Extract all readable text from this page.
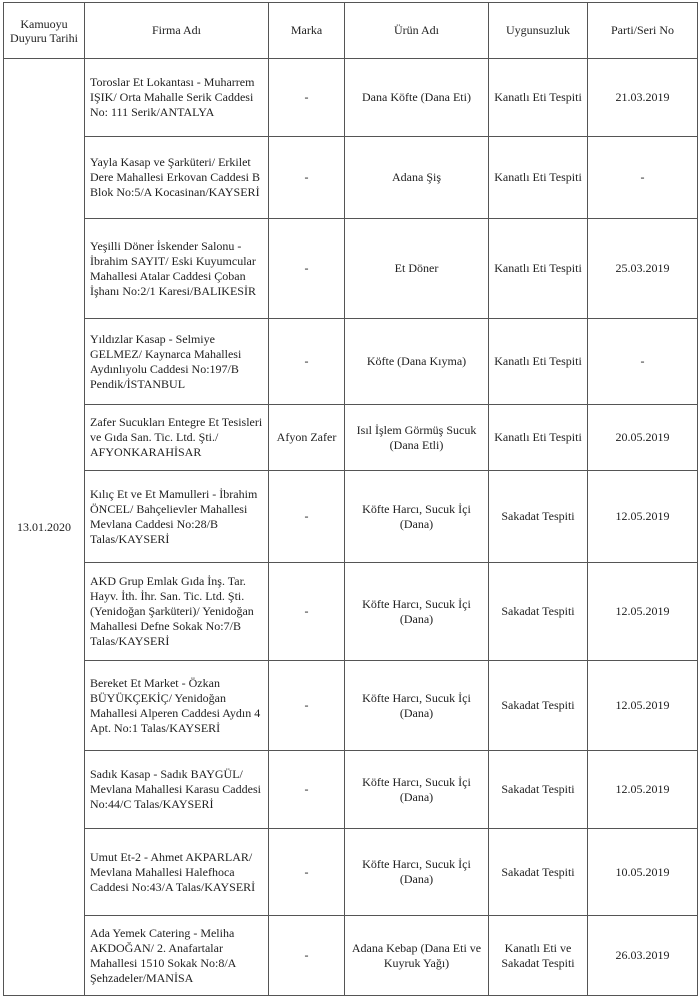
Kamuoyu Duyuru Tarihi	Firma Adı	Marka	Ürün Adı	Uygunsuzluk	Parti/Seri No
13.01.2020	Toroslar Et Lokantası - Muharrem IŞIK/ Orta Mahalle Serik Caddesi No: 111 Serik/ANTALYA	-	Dana Köfte (Dana Eti)	Kanatlı Eti Tespiti	21.03.2019
	Yayla Kasap ve Şarküteri/ Erkilet Dere Mahallesi Erkovan Caddesi B Blok No:5/A Kocasinan/KAYSERİ	-	Adana Şiş	Kanatlı Eti Tespiti	-
	Yeşilli Döner İskender Salonu - İbrahim SAYIT/ Eski Kuyumcular Mahallesi Atalar Caddesi Çoban İşhanı No:2/1 Karesi/BALIKESİR	-	Et Döner	Kanatlı Eti Tespiti	25.03.2019
	Yıldızlar Kasap - Selmiye GELMEZ/ Kaynarca Mahallesi Aydınlıyolu Caddesi No:197/B Pendik/İSTANBUL	-	Köfte (Dana Kıyma)	Kanatlı Eti Tespiti	-
	Zafer Sucukları Entegre Et Tesisleri ve Gıda San. Tic. Ltd. Şti./ AFYONKARAHİSAR	Afyon Zafer	Isıl İşlem Görmüş Sucuk (Dana Etli)	Kanatlı Eti Tespiti	20.05.2019
	Kılıç Et ve Et Mamulleri - İbrahim ÖNCEL/ Bahçelievler Mahallesi Mevlana Caddesi No:28/B Talas/KAYSERİ	-	Köfte Harcı, Sucuk İçi (Dana)	Sakadat Tespiti	12.05.2019
	AKD Grup Emlak Gıda İnş. Tar. Hayv. İth. İhr. San. Tic. Ltd. Şti. (Yenidoğan Şarküteri)/ Yenidoğan Mahallesi Defne Sokak No:7/B Talas/KAYSERİ	-	Köfte Harcı, Sucuk İçi (Dana)	Sakadat Tespiti	12.05.2019
	Bereket Et Market - Özkan BÜYÜKÇEKİÇ/ Yenidoğan Mahallesi Alperen Caddesi Aydın 4 Apt. No:1 Talas/KAYSERİ	-	Köfte Harcı, Sucuk İçi (Dana)	Sakadat Tespiti	12.05.2019
	Sadık Kasap - Sadık BAYGÜL/ Mevlana Mahallesi Karasu Caddesi No:44/C Talas/KAYSERİ	-	Köfte Harcı, Sucuk İçi (Dana)	Sakadat Tespiti	12.05.2019
	Umut Et-2 - Ahmet AKPARLAR/ Mevlana Mahallesi Halefhoca Caddesi No:43/A Talas/KAYSERİ	-	Köfte Harcı, Sucuk İçi (Dana)	Sakadat Tespiti	10.05.2019
	Ada Yemek Catering - Meliha AKDOĞAN/ 2. Anafartalar Mahallesi 1510 Sokak No:8/A Şehzadeler/MANİSA	-	Adana Kebap (Dana Eti ve Kuyruk Yağı)	Kanatlı Eti ve Sakadat Tespiti	26.03.2019
